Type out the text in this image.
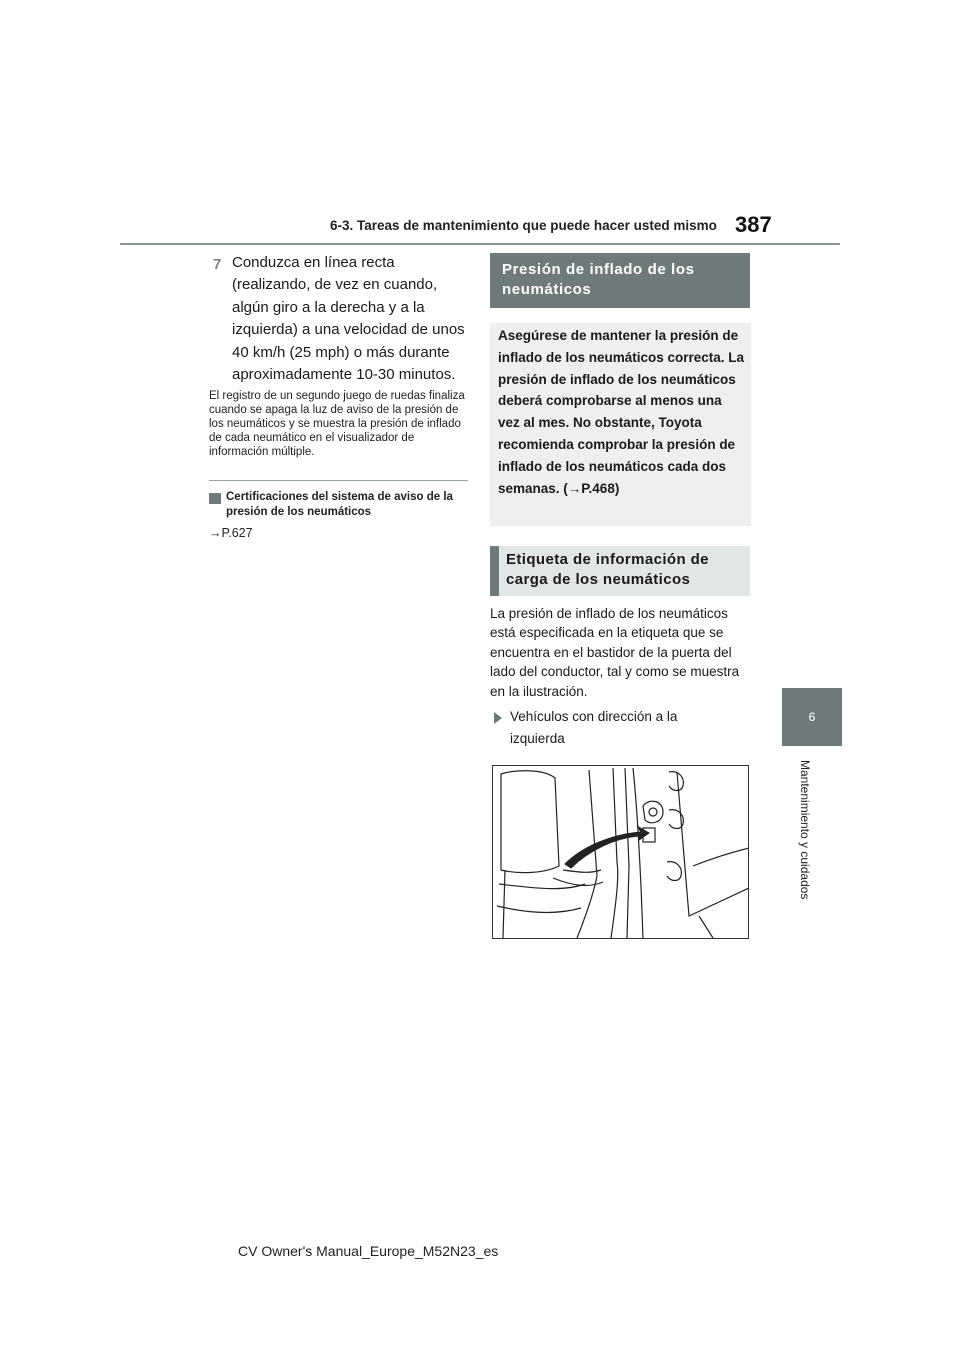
6-3. Tareas de mantenimiento que puede hacer usted mismo 387
6
Mantenimiento y cuidados
7 Conduzca en línea recta (realizando, de vez en cuando, algún giro a la derecha y a la izquierda) a una velocidad de unos 40 km/h (25 mph) o más durante aproximadamente 10-30 minutos.
El registro de un segundo juego de ruedas finaliza cuando se apaga la luz de aviso de la presión de los neumáticos y se muestra la presión de inflado de cada neumático en el visualizador de información múltiple.
Certificaciones del sistema de aviso de la presión de los neumáticos
→P.627
Presión de inflado de los neumáticos
Asegúrese de mantener la presión de inflado de los neumáticos correcta. La presión de inflado de los neumáticos deberá comprobarse al menos una vez al mes. No obstante, Toyota recomienda comprobar la presión de inflado de los neumáticos cada dos semanas. (→P.468)
Etiqueta de información de carga de los neumáticos
La presión de inflado de los neumáticos está especificada en la etiqueta que se encuentra en el bastidor de la puerta del lado del conductor, tal y como se muestra en la ilustración.
Vehículos con dirección a la izquierda
CV Owner's Manual_Europe_M52N23_es
